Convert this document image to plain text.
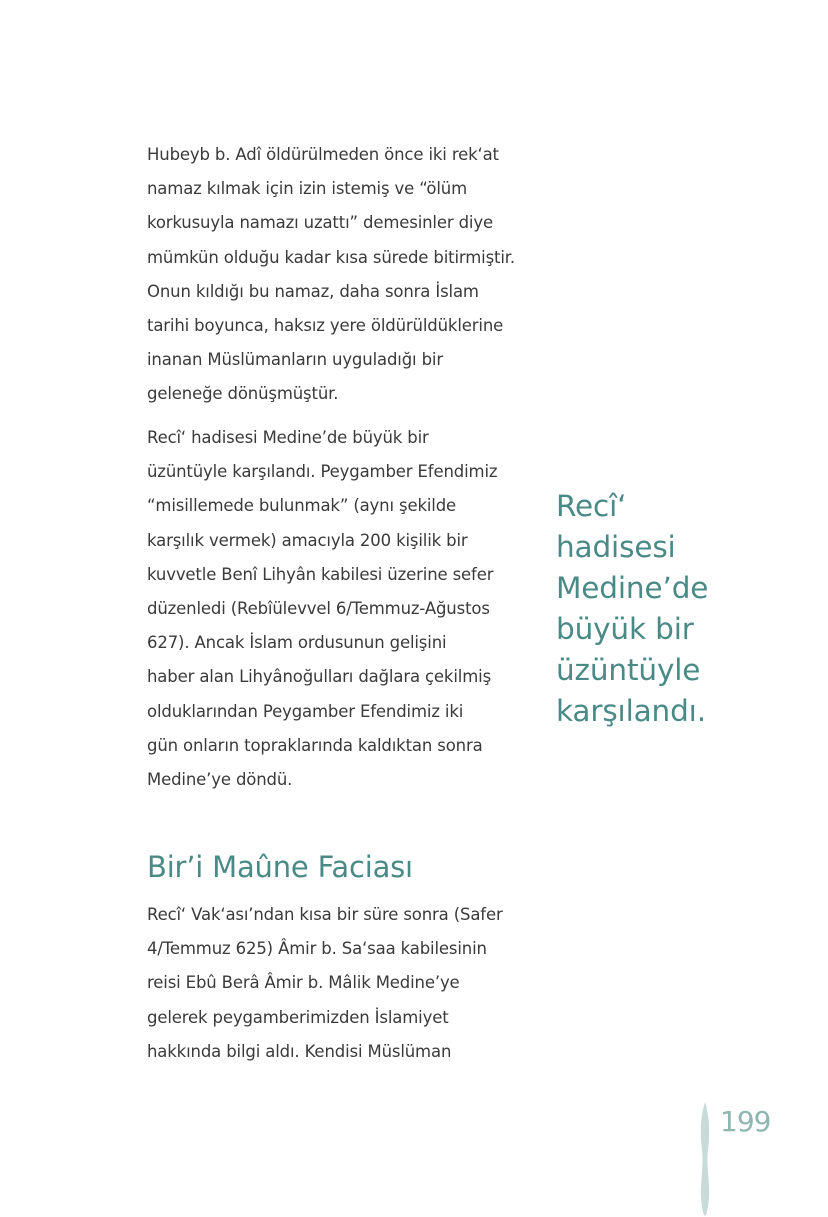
Hubeyb b. Adî öldürülmeden önce iki rek‘at
namaz kılmak için izin istemiş ve “ölüm
korkusuyla namazı uzattı” demesinler diye
mümkün olduğu kadar kısa sürede bitirmiştir.
Onun kıldığı bu namaz, daha sonra İslam
tarihi boyunca, haksız yere öldürüldüklerine
inanan Müslümanların uyguladığı bir
geleneğe dönüşmüştür.
Recî‘ hadisesi Medine’de büyük bir
üzüntüyle karşılandı. Peygamber Efendimiz
“misillemede bulunmak” (aynı şekilde
karşılık vermek) amacıyla 200 kişilik bir
kuvvetle Benî Lihyân kabilesi üzerine sefer
düzenledi (Rebîülevvel 6/Temmuz-Ağustos
627). Ancak İslam ordusunun gelişini
haber alan Lihyânoğulları dağlara çekilmiş
olduklarından Peygamber Efendimiz iki
gün onların topraklarında kaldıktan sonra
Medine’ye döndü.
Recî‘
hadisesi
Medine’de
büyük bir
üzüntüyle
karşılandı.
Bir’i Maûne Faciası
Recî‘ Vak‘ası’ndan kısa bir süre sonra (Safer
4/Temmuz 625) Âmir b. Sa‘saa kabilesinin
reisi Ebû Berâ Âmir b. Mâlik Medine’ye
gelerek peygamberimizden İslamiyet
hakkında bilgi aldı. Kendisi Müslüman
199
